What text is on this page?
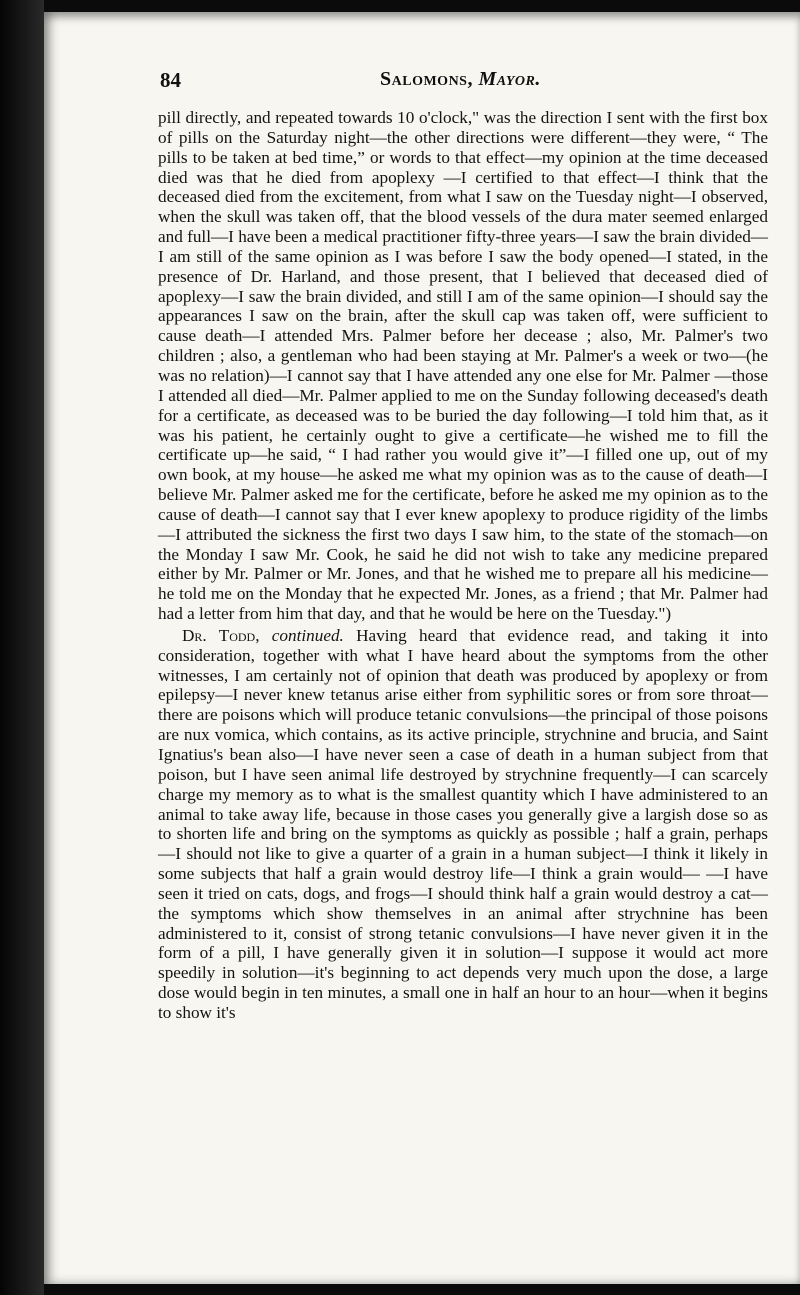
84	Salomons, Mayor.

pill directly, and repeated towards 10 o'clock," was the direction I sent with the first box of pills on the Saturday night—the other directions were different—they were, “ The pills to be taken at bed time,” or words to that effect—my opinion at the time deceased died was that he died from apoplexy —I certified to that effect—I think that the deceased died from the excitement, from what I saw on the Tuesday night—I observed, when the skull was taken off, that the blood vessels of the dura mater seemed enlarged and full—I have been a medical practitioner fifty-three years—I saw the brain divided—I am still of the same opinion as I was before I saw the body opened—I stated, in the presence of Dr. Harland, and those present, that I believed that deceased died of apoplexy—I saw the brain divided, and still I am of the same opinion—I should say the appearances I saw on the brain, after the skull cap was taken off, were sufficient to cause death—I attended Mrs. Palmer before her decease ; also, Mr. Palmer's two children ; also, a gentleman who had been staying at Mr. Palmer's a week or two—(he was no relation)—I cannot say that I have attended any one else for Mr. Palmer —those I attended all died—Mr. Palmer applied to me on the Sunday following deceased's death for a certificate, as deceased was to be buried the day following—I told him that, as it was his patient, he certainly ought to give a certificate—he wished me to fill the certificate up—he said, “ I had rather you would give it”—I filled one up, out of my own book, at my house—he asked me what my opinion was as to the cause of death—I believe Mr. Palmer asked me for the certificate, before he asked me my opinion as to the cause of death—I cannot say that I ever knew apoplexy to produce rigidity of the limbs—I attributed the sickness the first two days I saw him, to the state of the stomach—on the Monday I saw Mr. Cook, he said he did not wish to take any medicine prepared either by Mr. Palmer or Mr. Jones, and that he wished me to prepare all his medicine—he told me on the Monday that he expected Mr. Jones, as a friend ; that Mr. Palmer had had a letter from him that day, and that he would be here on the Tuesday.")

Dr. Todd, continued. Having heard that evidence read, and taking it into consideration, together with what I have heard about the symptoms from the other witnesses, I am certainly not of opinion that death was produced by apoplexy or from epilepsy—I never knew tetanus arise either from syphilitic sores or from sore throat—there are poisons which will produce tetanic convulsions—the principal of those poisons are nux vomica, which contains, as its active principle, strychnine and brucia, and Saint Ignatius's bean also—I have never seen a case of death in a human subject from that poison, but I have seen animal life destroyed by strychnine frequently—I can scarcely charge my memory as to what is the smallest quantity which I have administered to an animal to take away life, because in those cases you generally give a largish dose so as to shorten life and bring on the symptoms as quickly as possible ; half a grain, perhaps—I should not like to give a quarter of a grain in a human subject—I think it likely in some subjects that half a grain would destroy life—I think a grain would— —I have seen it tried on cats, dogs, and frogs—I should think half a grain would destroy a cat—the symptoms which show themselves in an animal after strychnine has been administered to it, consist of strong tetanic convulsions—I have never given it in the form of a pill, I have generally given it in solution—I suppose it would act more speedily in solution—it's beginning to act depends very much upon the dose, a large dose would begin in ten minutes, a small one in half an hour to an hour—when it begins to show it's
